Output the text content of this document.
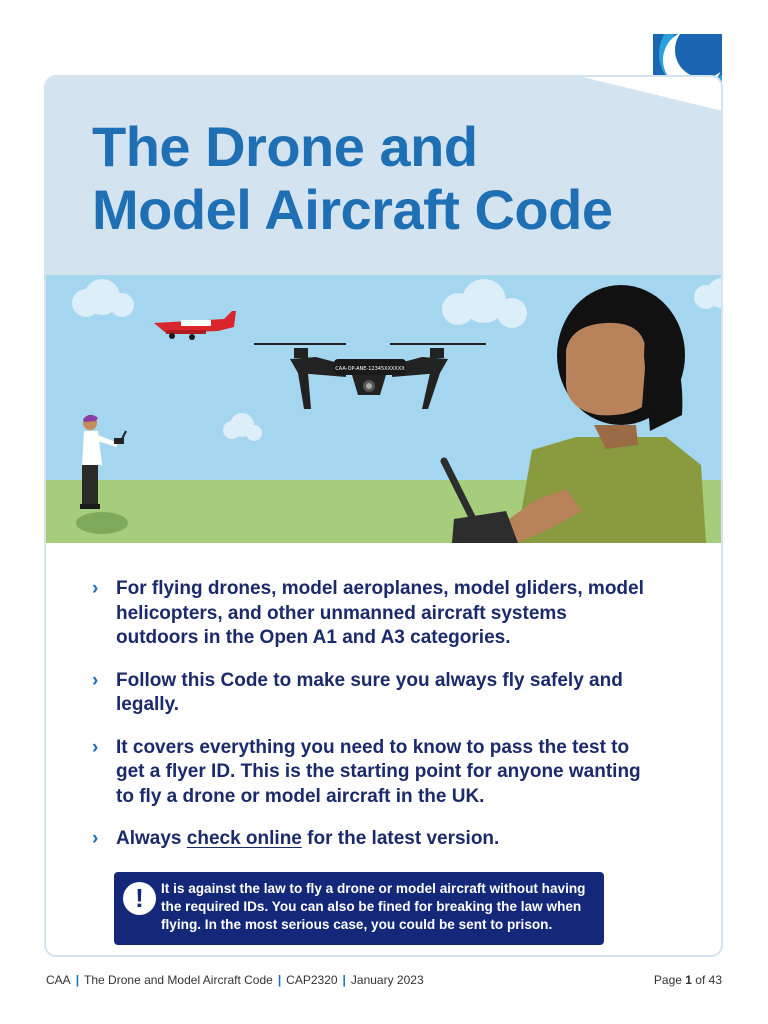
The Drone and
Model Aircraft Code
CAA-OP-ANE-12345XXXXXX
› For flying drones, model aeroplanes, model gliders, model helicopters, and other unmanned aircraft systems outdoors in the Open A1 and A3 categories.
› Follow this Code to make sure you always fly safely and legally.
› It covers everything you need to know to pass the test to get a flyer ID. This is the starting point for anyone wanting to fly a drone or model aircraft in the UK.
› Always check online for the latest version.
!	It is against the law to fly a drone or model aircraft without having the required IDs. You can also be fined for breaking the law when flying. In the most serious case, you could be sent to prison.
CAA | The Drone and Model Aircraft Code | CAP2320 | January 2023	Page 1 of 43
